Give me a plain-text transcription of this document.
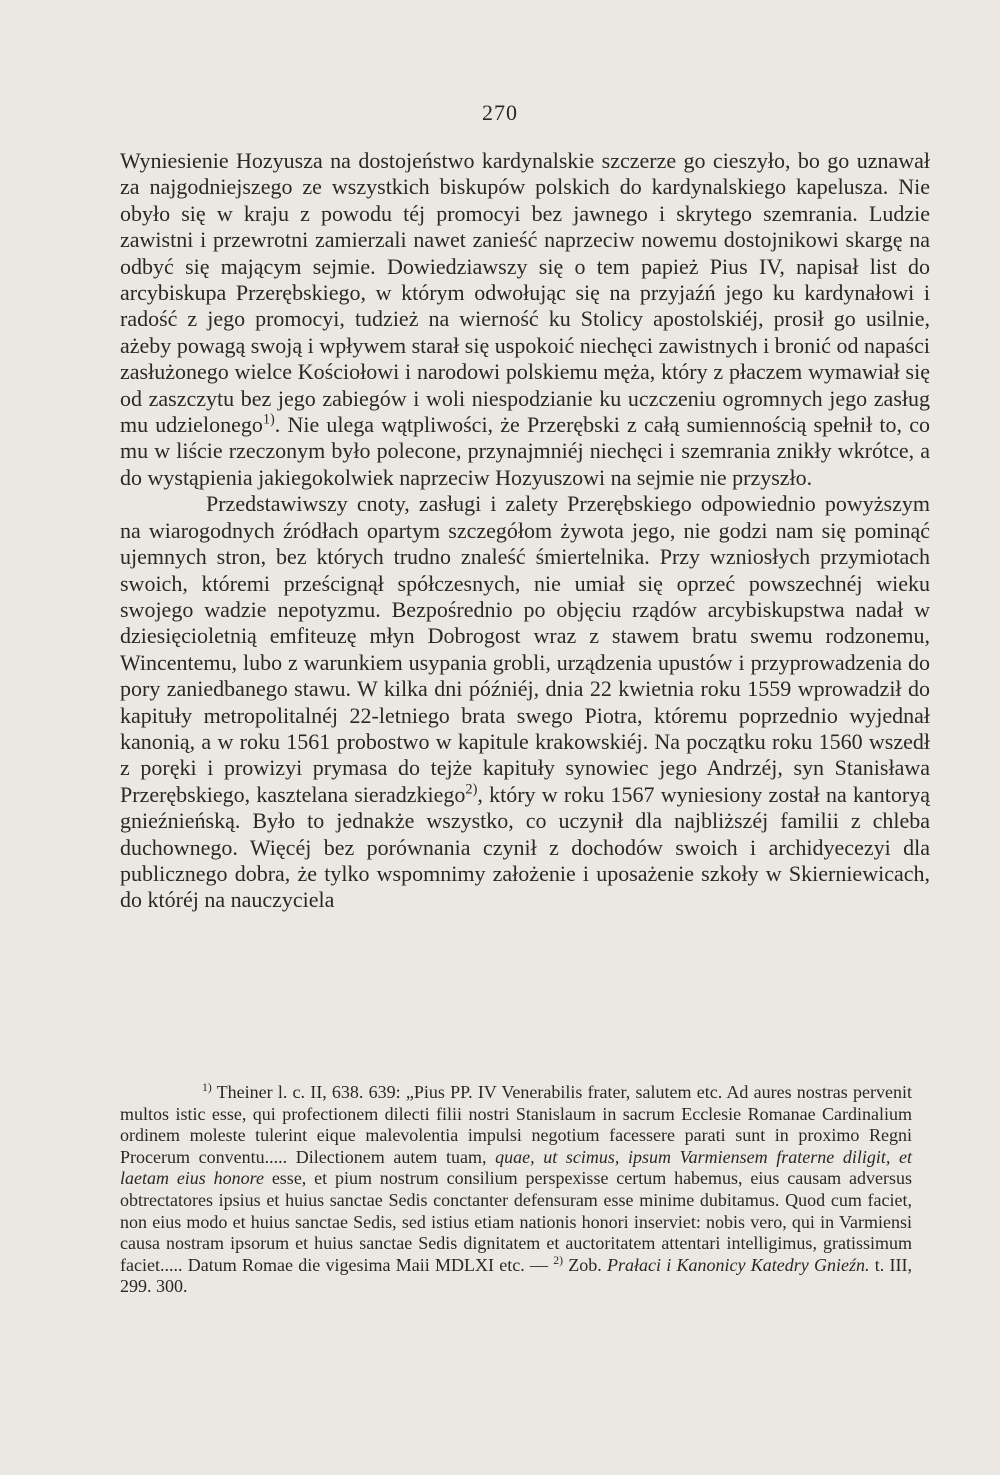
270

Wyniesienie Hozyusza na dostojeństwo kardynalskie szczerze go cieszyło, bo go uznawał za najgodniejszego ze wszystkich biskupów polskich do kardynalskiego kapelusza. Nie obyło się w kraju z powodu téj promocyi bez jawnego i skrytego szemrania. Ludzie zawistni i przewrotni zamierzali nawet zanieść naprzeciw nowemu dostojnikowi skargę na odbyć się mającym sejmie. Dowiedziawszy się o tem papież Pius IV, napisał list do arcybiskupa Przerębskiego, w którym odwołując się na przyjaźń jego ku kardynałowi i radość z jego promocyi, tudzież na wierność ku Stolicy apostolskiéj, prosił go usilnie, ażeby powagą swoją i wpływem starał się uspokoić niechęci zawistnych i bronić od napaści zasłużonego wielce Kościołowi i narodowi polskiemu męża, który z płaczem wymawiał się od zaszczytu bez jego zabiegów i woli niespodzianie ku uczczeniu ogromnych jego zasług mu udzielonego$^{1)}$. Nie ulega wątpliwości, że Przerębski z całą sumiennością spełnił to, co mu w liście rzeczonym było polecone, przynajmniéj niechęci i szemrania znikły wkrótce, a do wystąpienia jakiegokolwiek naprzeciw Hozyuszowi na sejmie nie przyszło.

Przedstawiwszy cnoty, zasługi i zalety Przerębskiego odpowiednio powyższym na wiarogodnych źródłach opartym szczegółom żywota jego, nie godzi nam się pominąć ujemnych stron, bez których trudno znaleść śmiertelnika. Przy wzniosłych przymiotach swoich, któremi prześcignął spółczesnych, nie umiał się oprzeć powszechnéj wieku swojego wadzie nepotyzmu. Bezpośrednio po objęciu rządów arcybiskupstwa nadał w dziesięcioletnią emfiteuzę młyn Dobrogost wraz z stawem bratu swemu rodzonemu, Wincentemu, lubo z warunkiem usypania grobli, urządzenia upustów i przyprowadzenia do pory zaniedbanego stawu. W kilka dni późniéj, dnia 22 kwietnia roku 1559 wprowadził do kapituły metropolitalnéj 22-letniego brata swego Piotra, któremu poprzednio wyjednał kanonią, a w roku 1561 probostwo w kapitule krakowskiéj. Na początku roku 1560 wszedł z poręki i prowizyi prymasa do tejże kapituły synowiec jego Andrzéj, syn Stanisława Przerębskiego, kasztelana sieradzkiego$^{2)}$, który w roku 1567 wyniesiony został na kantoryą gnieźnieńską. Było to jednakże wszystko, co uczynił dla najbliższéj familii z chleba duchownego. Więcéj bez porównania czynił z dochodów swoich i archidyecezyi dla publicznego dobra, że tylko wspomnimy założenie i uposażenie szkoły w Skierniewicach, do któréj na nauczyciela

$^{1)}$ Theiner l. c. II, 638. 639: „Pius PP. IV Venerabilis frater, salutem etc. Ad aures nostras pervenit multos istic esse, qui profectionem dilecti filii nostri Stanislaum in sacrum Ecclesie Romanae Cardinalium ordinem moleste tulerint eique malevolentia impulsi negotium facessere parati sunt in proximo Regni Procerum conventu..... Dilectionem autem tuam, quae, ut scimus, ipsum Varmiensem fraterne diligit, et laetam eius honore esse, et pium nostrum consilium perspexisse certum habemus, eius causam adversus obtrectatores ipsius et huius sanctae Sedis conctanter defensuram esse minime dubitamus. Quod cum faciet, non eius modo et huius sanctae Sedis, sed istius etiam nationis honori inserviet: nobis vero, qui in Varmiensi causa nostram ipsorum et huius sanctae Sedis dignitatem et auctoritatem attentari intelligimus, gratissimum faciet..... Datum Romae die vigesima Maii MDLXI etc. — $^{2)}$ Zob. Prałaci i Kanonicy Katedry Gnieźn. t. III, 299. 300.
